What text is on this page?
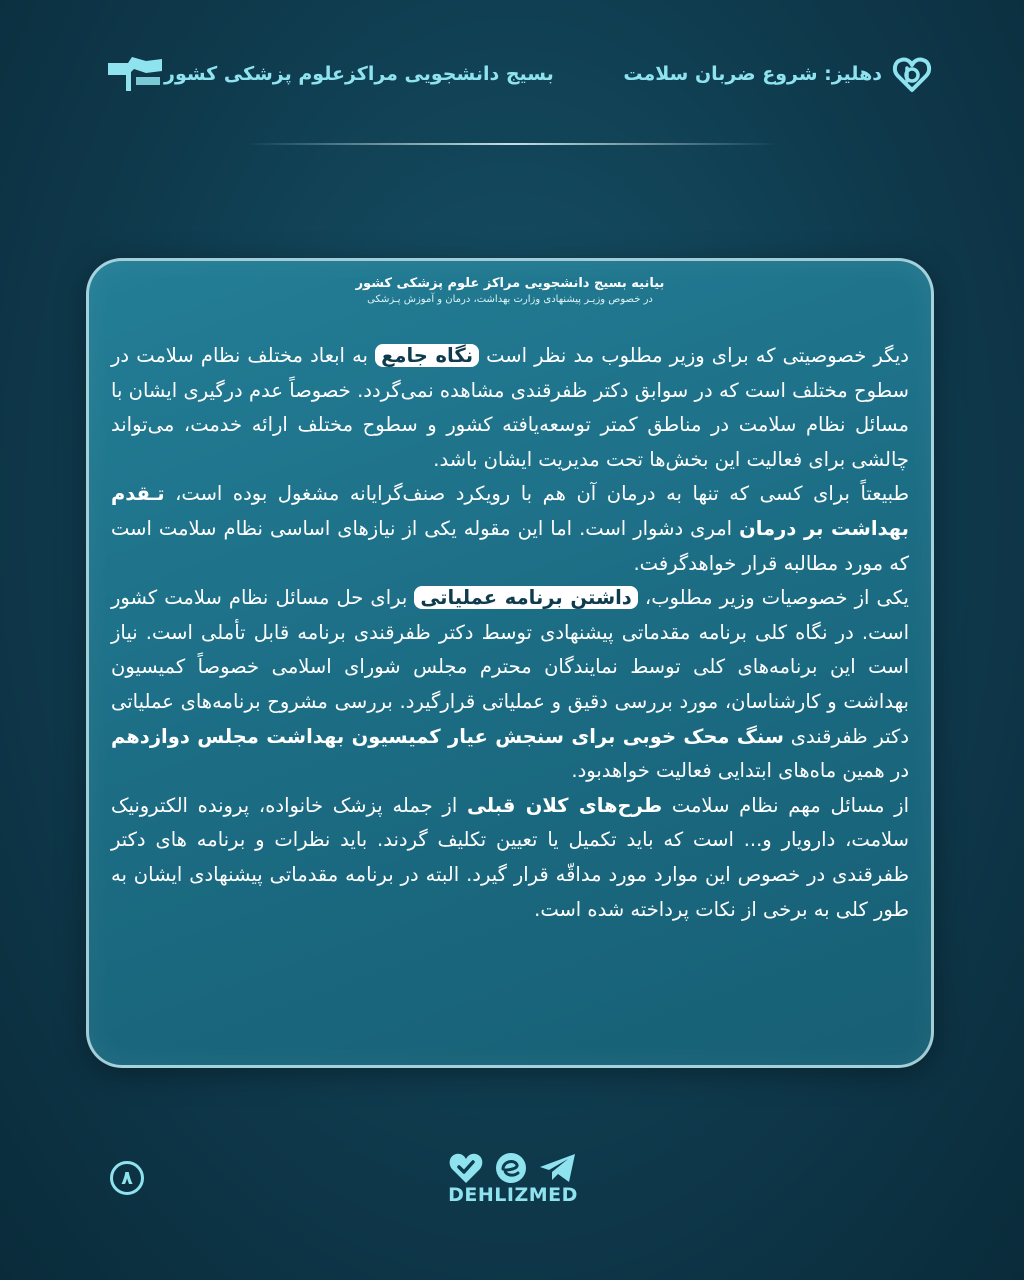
دهلیز: شروع ضربان سلامت
بسیج دانشجویی مراکزعلوم پزشکی کشور
بیانیه بسیج دانشجویی مراکز علوم پزشکی کشور
در خصوص وزیـر پیشنهادی وزارت بهداشت، درمان و آموزش پـزشکی

دیگر خصوصیتی که برای وزیر مطلوب مد نظر است نگاه جامع به ابعاد مختلف نظام سلامت در سطوح مختلف است که در سوابق دکتر ظفرقندی مشاهده نمی‌گردد. خصوصاً عدم درگیری ایشان با مسائل نظام سلامت در مناطق کمتر توسعه‌یافته کشور و سطوح مختلف ارائه خدمت، می‌تواند چالشی برای فعالیت این بخش‌ها تحت مدیریت ایشان باشد.

طبیعتاً برای کسی که تنها به درمان آن هم با رویکرد صنف‌گرایانه مشغول بوده است، تـقدم بهداشت بر درمان امری دشوار است. اما این مقوله یکی از نیازهای اساسی نظام سلامت است که مورد مطالبه قرار خواهدگرفت.

یکی از خصوصیات وزیر مطلوب، داشتن برنامه عملیاتی برای حل مسائل نظام سلامت کشور است. در نگاه کلی برنامه مقدماتی پیشنهادی توسط دکتر ظفرقندی برنامه قابل تأملی است. نیاز است این برنامه‌های کلی توسط نمایندگان محترم مجلس شورای اسلامی خصوصاً کمیسیون بهداشت و کارشناسان، مورد بررسی دقیق و عملیاتی قرارگیرد. بررسی مشروح برنامه‌های عملیاتی دکتر ظفرقندی سنگ محک خوبی برای سنجش عیار کمیسیون بهداشت مجلس دوازدهم در همین ماه‌های ابتدایی فعالیت خواهدبود.

از مسائل مهم نظام سلامت طرح‌های کلان قبلی از جمله پزشک خانواده، پرونده الکترونیک سلامت، دارویار و... است که باید تکمیل یا تعیین تکلیف گردند. باید نظرات و برنامه های دکتر ظفرقندی در خصوص این موارد مورد مداقّه قرار گیرد. البته در برنامه مقدماتی پیشنهادی ایشان به طور کلی به برخی از نکات پرداخته شده است.

۸
DEHLIZMED
